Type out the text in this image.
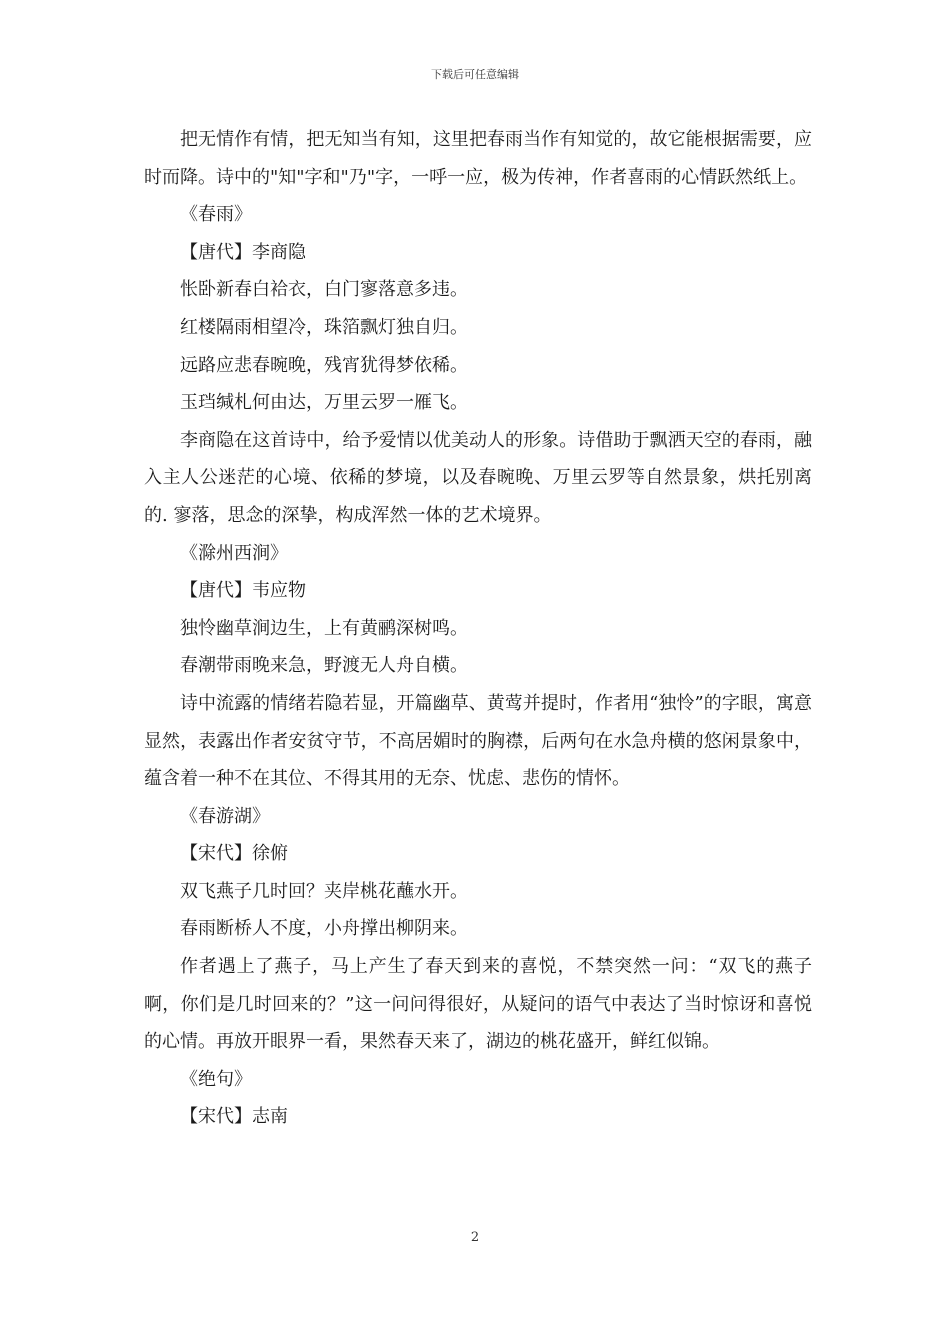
下载后可任意编辑

把无情作有情，把无知当有知，这里把春雨当作有知觉的，故它能根据需要，应时而降。诗中的"知"字和"乃"字，一呼一应，极为传神，作者喜雨的心情跃然纸上。

《春雨》

【唐代】李商隐

怅卧新春白袷衣，白门寥落意多违。

红楼隔雨相望冷，珠箔飘灯独自归。

远路应悲春晼晚，残宵犹得梦依稀。

玉珰缄札何由达，万里云罗一雁飞。

李商隐在这首诗中，给予爱情以优美动人的形象。诗借助于飘洒天空的春雨，融入主人公迷茫的心境、依稀的梦境，以及春晼晚、万里云罗等自然景象，烘托别离的. 寥落，思念的深挚，构成浑然一体的艺术境界。

《滁州西涧》

【唐代】韦应物

独怜幽草涧边生，上有黄鹂深树鸣。

春潮带雨晚来急，野渡无人舟自横。

诗中流露的情绪若隐若显，开篇幽草、黄莺并提时，作者用“独怜”的字眼，寓意显然，表露出作者安贫守节，不高居媚时的胸襟，后两句在水急舟横的悠闲景象中，蕴含着一种不在其位、不得其用的无奈、忧虑、悲伤的情怀。

《春游湖》

【宋代】徐俯

双飞燕子几时回？夹岸桃花蘸水开。

春雨断桥人不度，小舟撑出柳阴来。

作者遇上了燕子，马上产生了春天到来的喜悦，不禁突然一问：“双飞的燕子啊，你们是几时回来的？”这一问问得很好，从疑问的语气中表达了当时惊讶和喜悦的心情。再放开眼界一看，果然春天来了，湖边的桃花盛开，鲜红似锦。

《绝句》

【宋代】志南

2
